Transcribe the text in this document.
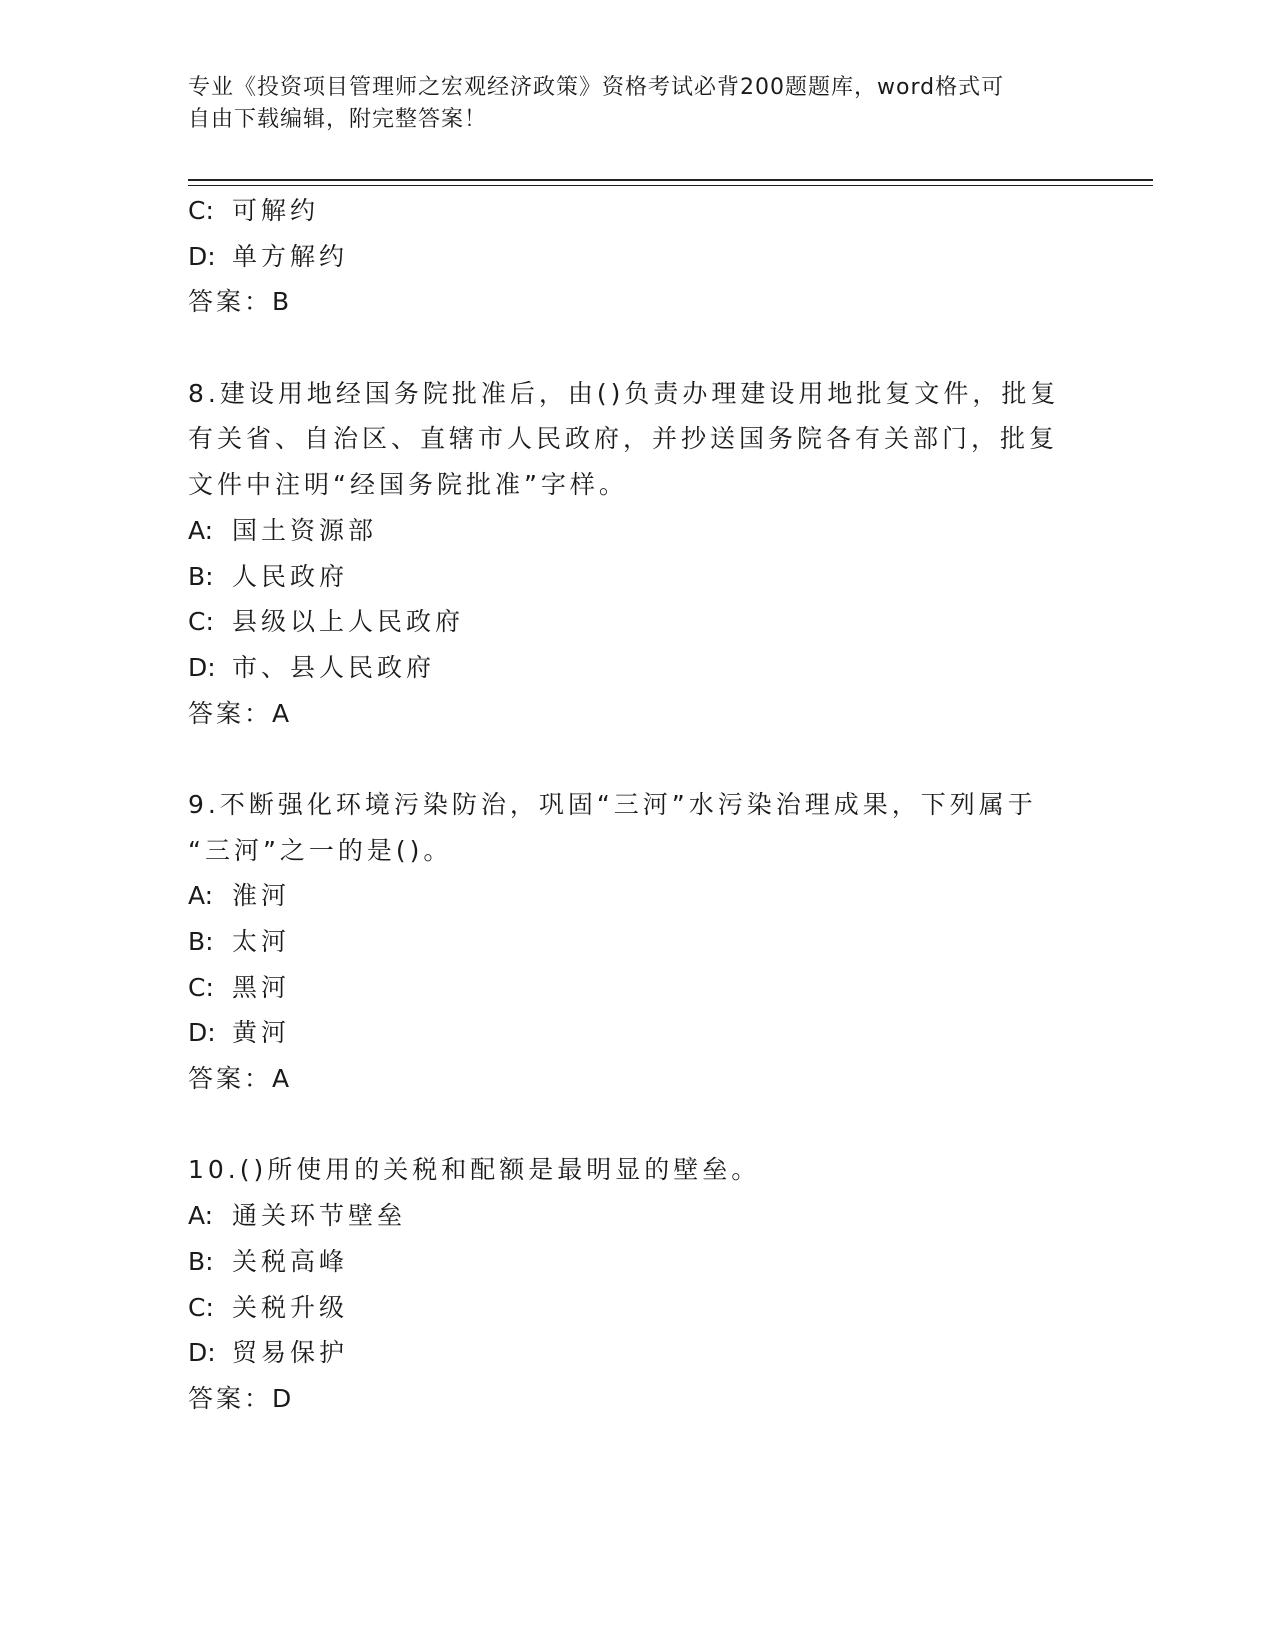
专业《投资项目管理师之宏观经济政策》资格考试必背200题题库，word格式可
自由下载编辑，附完整答案！
C: 可解约
D: 单方解约
答案：B
8.建设用地经国务院批准后，由()负责办理建设用地批复文件，批复
有关省、自治区、直辖市人民政府，并抄送国务院各有关部门，批复
文件中注明“经国务院批准”字样。
A: 国土资源部
B: 人民政府
C: 县级以上人民政府
D: 市、县人民政府
答案：A
9.不断强化环境污染防治，巩固“三河”水污染治理成果，下列属于
“三河”之一的是()。
A: 淮河
B: 太河
C: 黑河
D: 黄河
答案：A
10.()所使用的关税和配额是最明显的壁垒。
A: 通关环节壁垒
B: 关税高峰
C: 关税升级
D: 贸易保护
答案：D
